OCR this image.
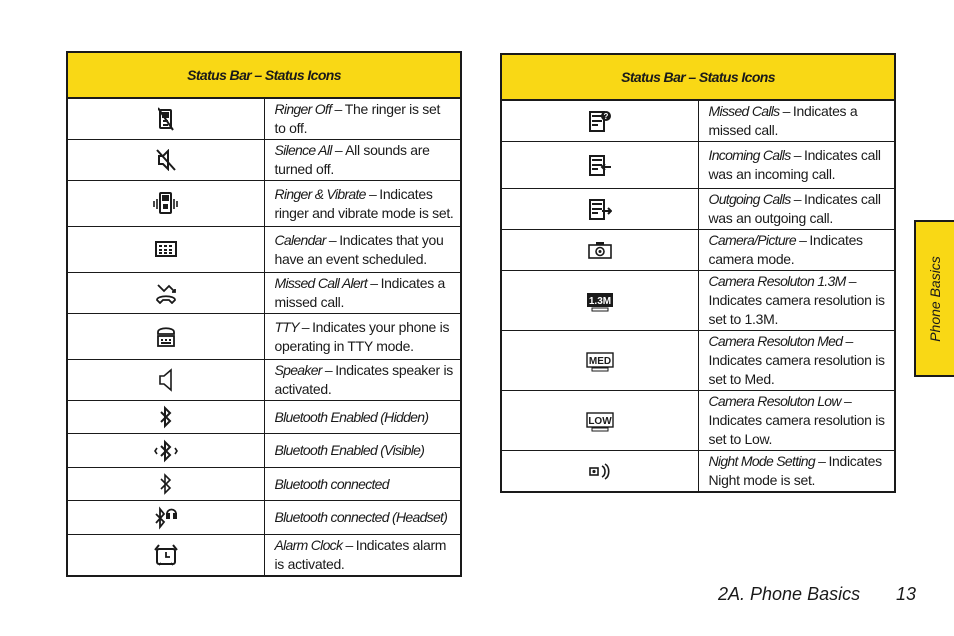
Status Bar – Status Icons	

	Ringer Off – The ringer is set to off.

	Silence All – All sounds are turned off.

	Ringer & Vibrate – Indicates ringer and vibrate mode is set.

	Calendar – Indicates that you have an event scheduled.

	Missed Call Alert – Indicates a missed call.

	TTY – Indicates your phone is operating in TTY mode.

	Speaker – Indicates speaker is activated.

	Bluetooth Enabled (Hidden)

	Bluetooth Enabled (Visible)

	Bluetooth connected

	Bluetooth connected (Headset)

	Alarm Clock – Indicates alarm is activated.
Status Bar – Status Icons	

?	Missed Calls – Indicates a missed call.

	Incoming Calls – Indicates call was an incoming call.

	Outgoing Calls – Indicates call was an outgoing call.

	Camera/Picture – Indicates camera mode.

1.3M	Camera Resoluton 1.3M – Indicates camera resolution is set to 1.3M.

MED	Camera Resoluton Med – Indicates camera resolution is set to Med.

LOW	Camera Resoluton Low – Indicates camera resolution is set to Low.

	Night Mode Setting – Indicates Night mode is set.
Phone Basics
2A. Phone Basics 13
